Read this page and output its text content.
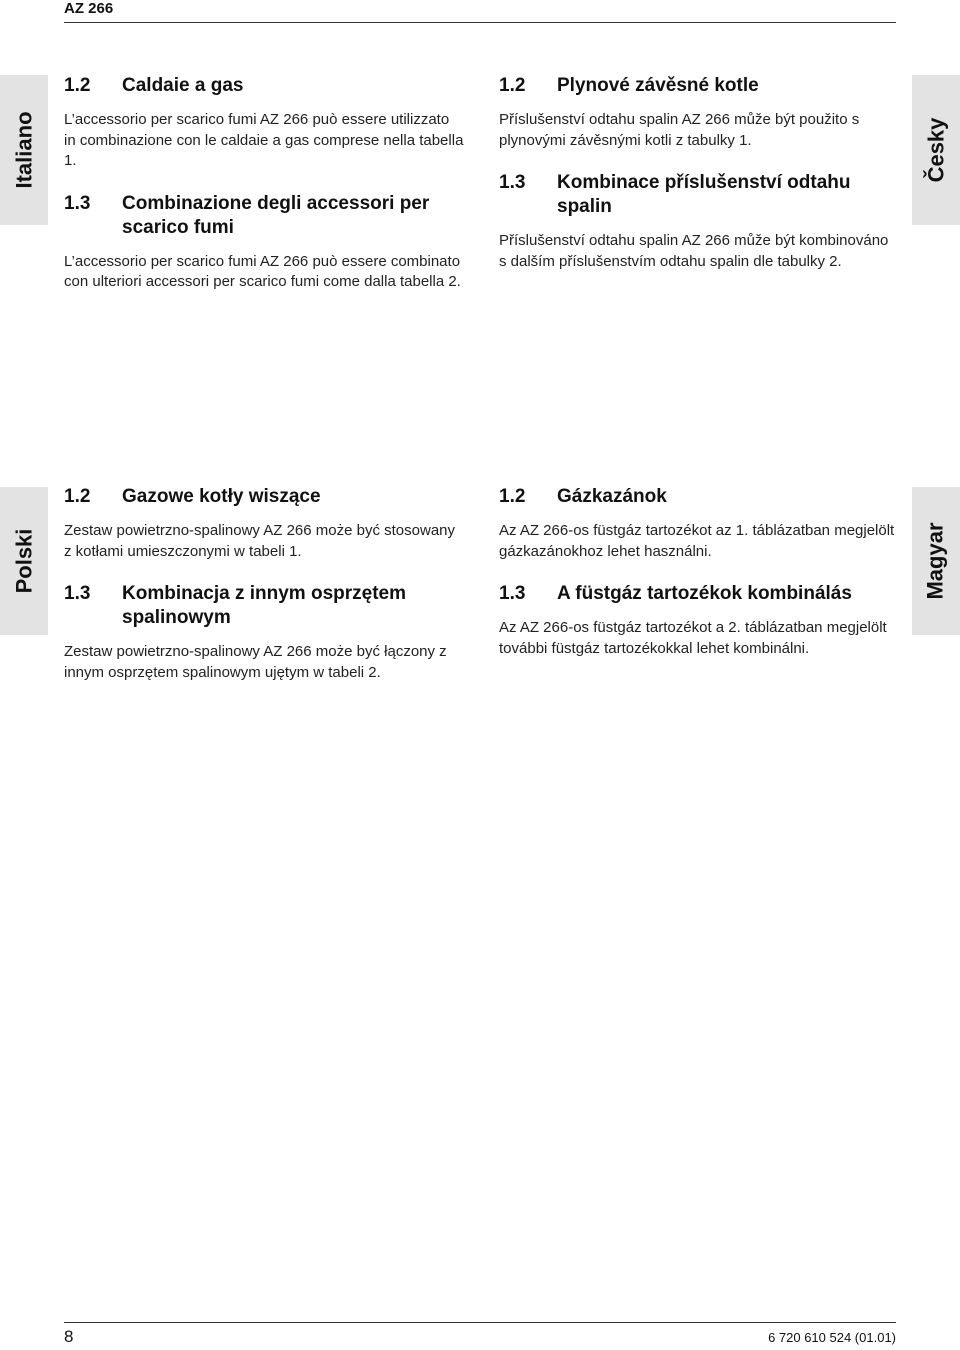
AZ 266
Italiano	Česky
Polski	Magyar
1.2	Caldaie a gas

L’accessorio per scarico fumi AZ 266 può essere utilizzato in combinazione con le caldaie a gas comprese nella tabella 1.

1.3	Combinazione degli accessori per scarico fumi

L’accessorio per scarico fumi AZ 266 può essere combinato con ulteriori accessori per scarico fumi come dalla tabella 2.

1.2	Plynové závěsné kotle

Příslušenství odtahu spalin AZ 266 může být použito s plynovými závěsnými kotli z tabulky 1.

1.3	Kombinace příslušenství odtahu spalin

Příslušenství odtahu spalin AZ 266 může být kombinováno s dalším příslušenstvím odtahu spalin dle tabulky 2.

1.2	Gazowe kotły wiszące

Zestaw powietrzno-spalinowy AZ 266 może być stosowany z kotłami umieszczonymi w tabeli 1.

1.3	Kombinacja z innym osprzętem spalinowym

Zestaw powietrzno-spalinowy AZ 266 może być łączony z innym osprzętem spalinowym ujętym w tabeli 2.

1.2	Gázkazánok

Az AZ 266-os füstgáz tartozékot az 1. táblázatban megjelölt gázkazánokhoz lehet használni.

1.3	A füstgáz tartozékok kombinálás

Az AZ 266-os füstgáz tartozékot a 2. táblázatban megjelölt további füstgáz tartozékokkal lehet kombinálni.

8	6 720 610 524 (01.01)
